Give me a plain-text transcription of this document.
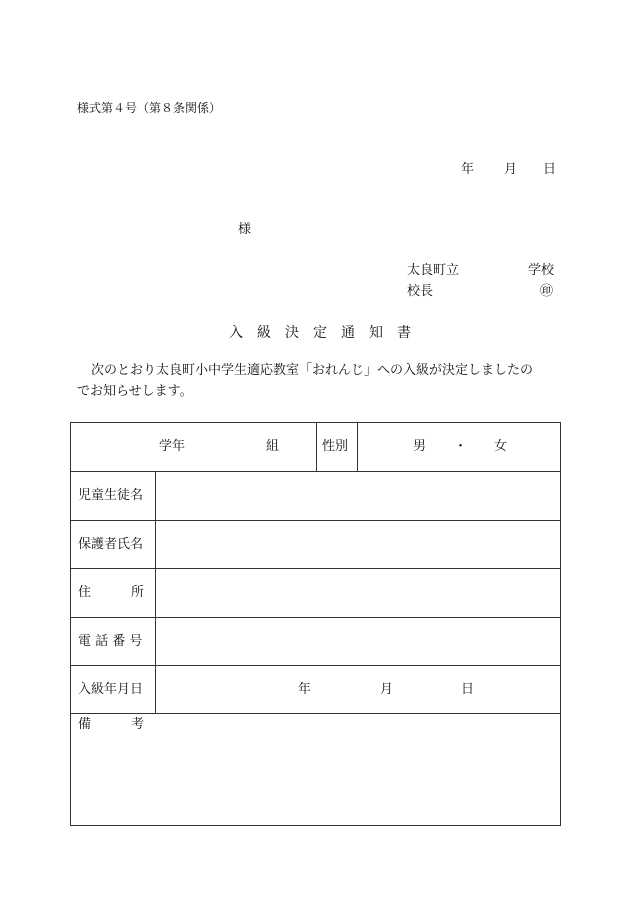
様式第４号（第８条関係）
年 月 日
様
太良町立	学校
校長	㊞
入　級　決　定　通　知　書
次のとおり太良町小中学生適応教室「おれんじ」への入級が決定しましたの
でお知らせします。
学年	組	性別	男 ・ 女
児童生徒名
保護者氏名
住	所
電 話 番 号
入級年月日	年	月	日
備	考
